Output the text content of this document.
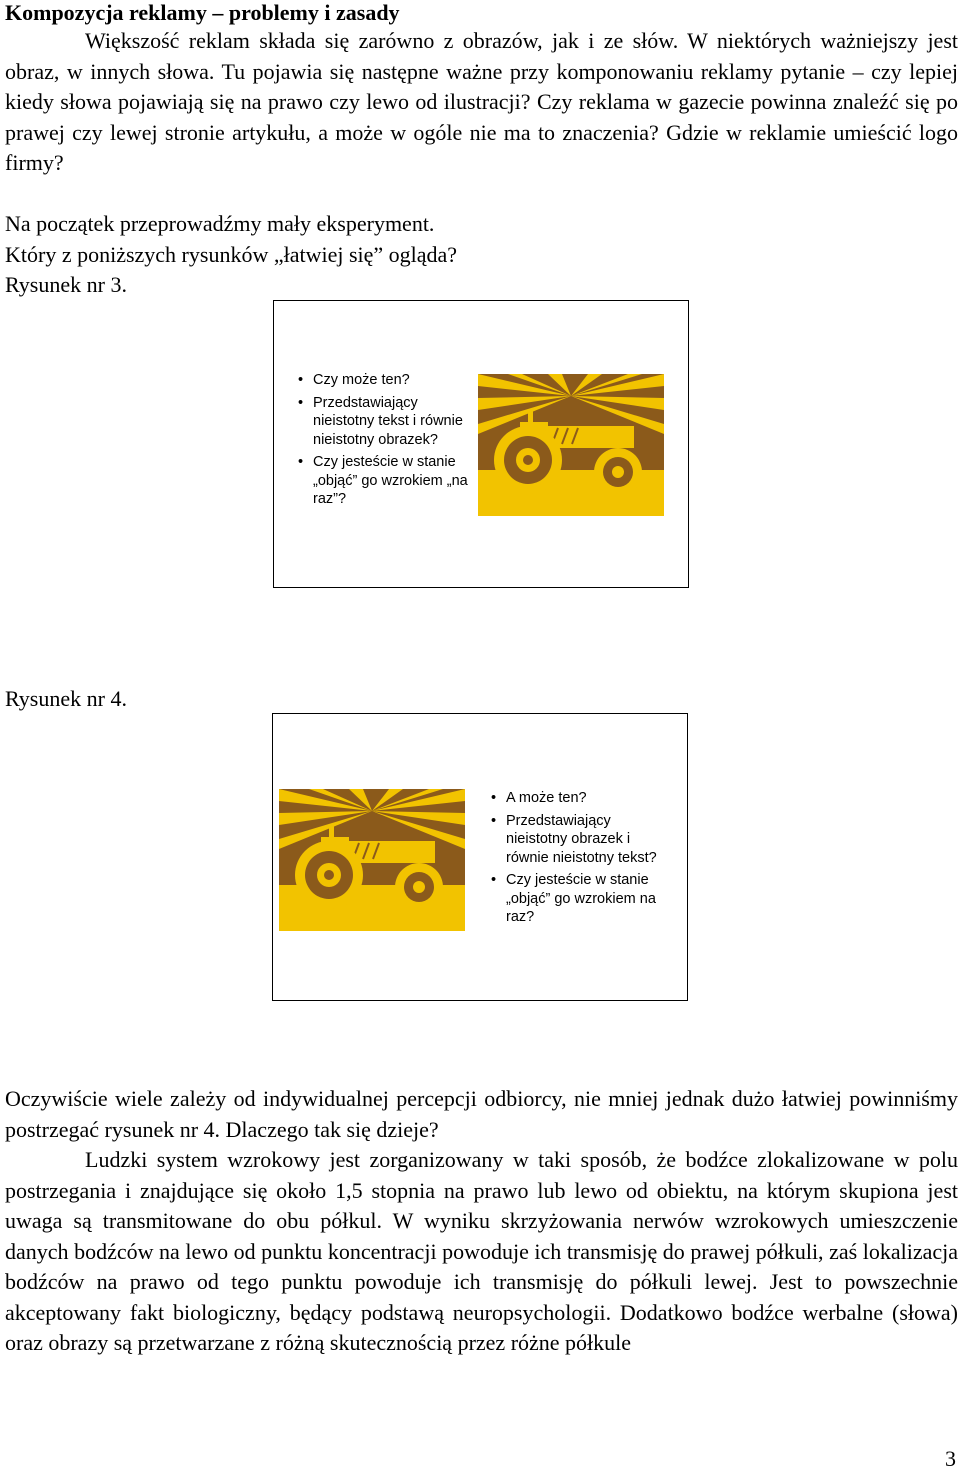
Kompozycja reklamy – problemy i zasady

Większość reklam składa się zarówno z obrazów, jak i ze słów. W niektórych ważniejszy jest obraz, w innych słowa. Tu pojawia się następne ważne przy komponowaniu reklamy pytanie – czy lepiej kiedy słowa pojawiają się na prawo czy lewo od ilustracji? Czy reklama w gazecie powinna znaleźć się po prawej czy lewej stronie artykułu, a może w ogóle nie ma to znaczenia? Gdzie w reklamie umieścić logo firmy?

Na początek przeprowadźmy mały eksperyment.
Który z poniższych rysunków „łatwiej się” ogląda?
Rysunek nr 3.
• Czy może ten?
• Przedstawiający nieistotny tekst i równie nieistotny obrazek?
• Czy jesteście w stanie „objąć” go wzrokiem „na raz”?
Rysunek nr 4.
• A może ten?
• Przedstawiający nieistotny obrazek i równie nieistotny tekst?
• Czy jesteście w stanie „objąć” go wzrokiem na raz?

Oczywiście wiele zależy od indywidualnej percepcji odbiorcy, nie mniej jednak dużo łatwiej powinniśmy postrzegać rysunek nr 4. Dlaczego tak się dzieje?

Ludzki system wzrokowy jest zorganizowany w taki sposób, że bodźce zlokalizowane w polu postrzegania i znajdujące się około 1,5 stopnia na prawo lub lewo od obiektu, na którym skupiona jest uwaga są transmitowane do obu półkul. W wyniku skrzyżowania nerwów wzrokowych umieszczenie danych bodźców na lewo od punktu koncentracji powoduje ich transmisję do prawej półkuli, zaś lokalizacja bodźców na prawo od tego punktu powoduje ich transmisję do półkuli lewej. Jest to powszechnie akceptowany fakt biologiczny, będący podstawą neuropsychologii. Dodatkowo bodźce werbalne (słowa) oraz obrazy są przetwarzane z różną skutecznością przez różne półkule

3
